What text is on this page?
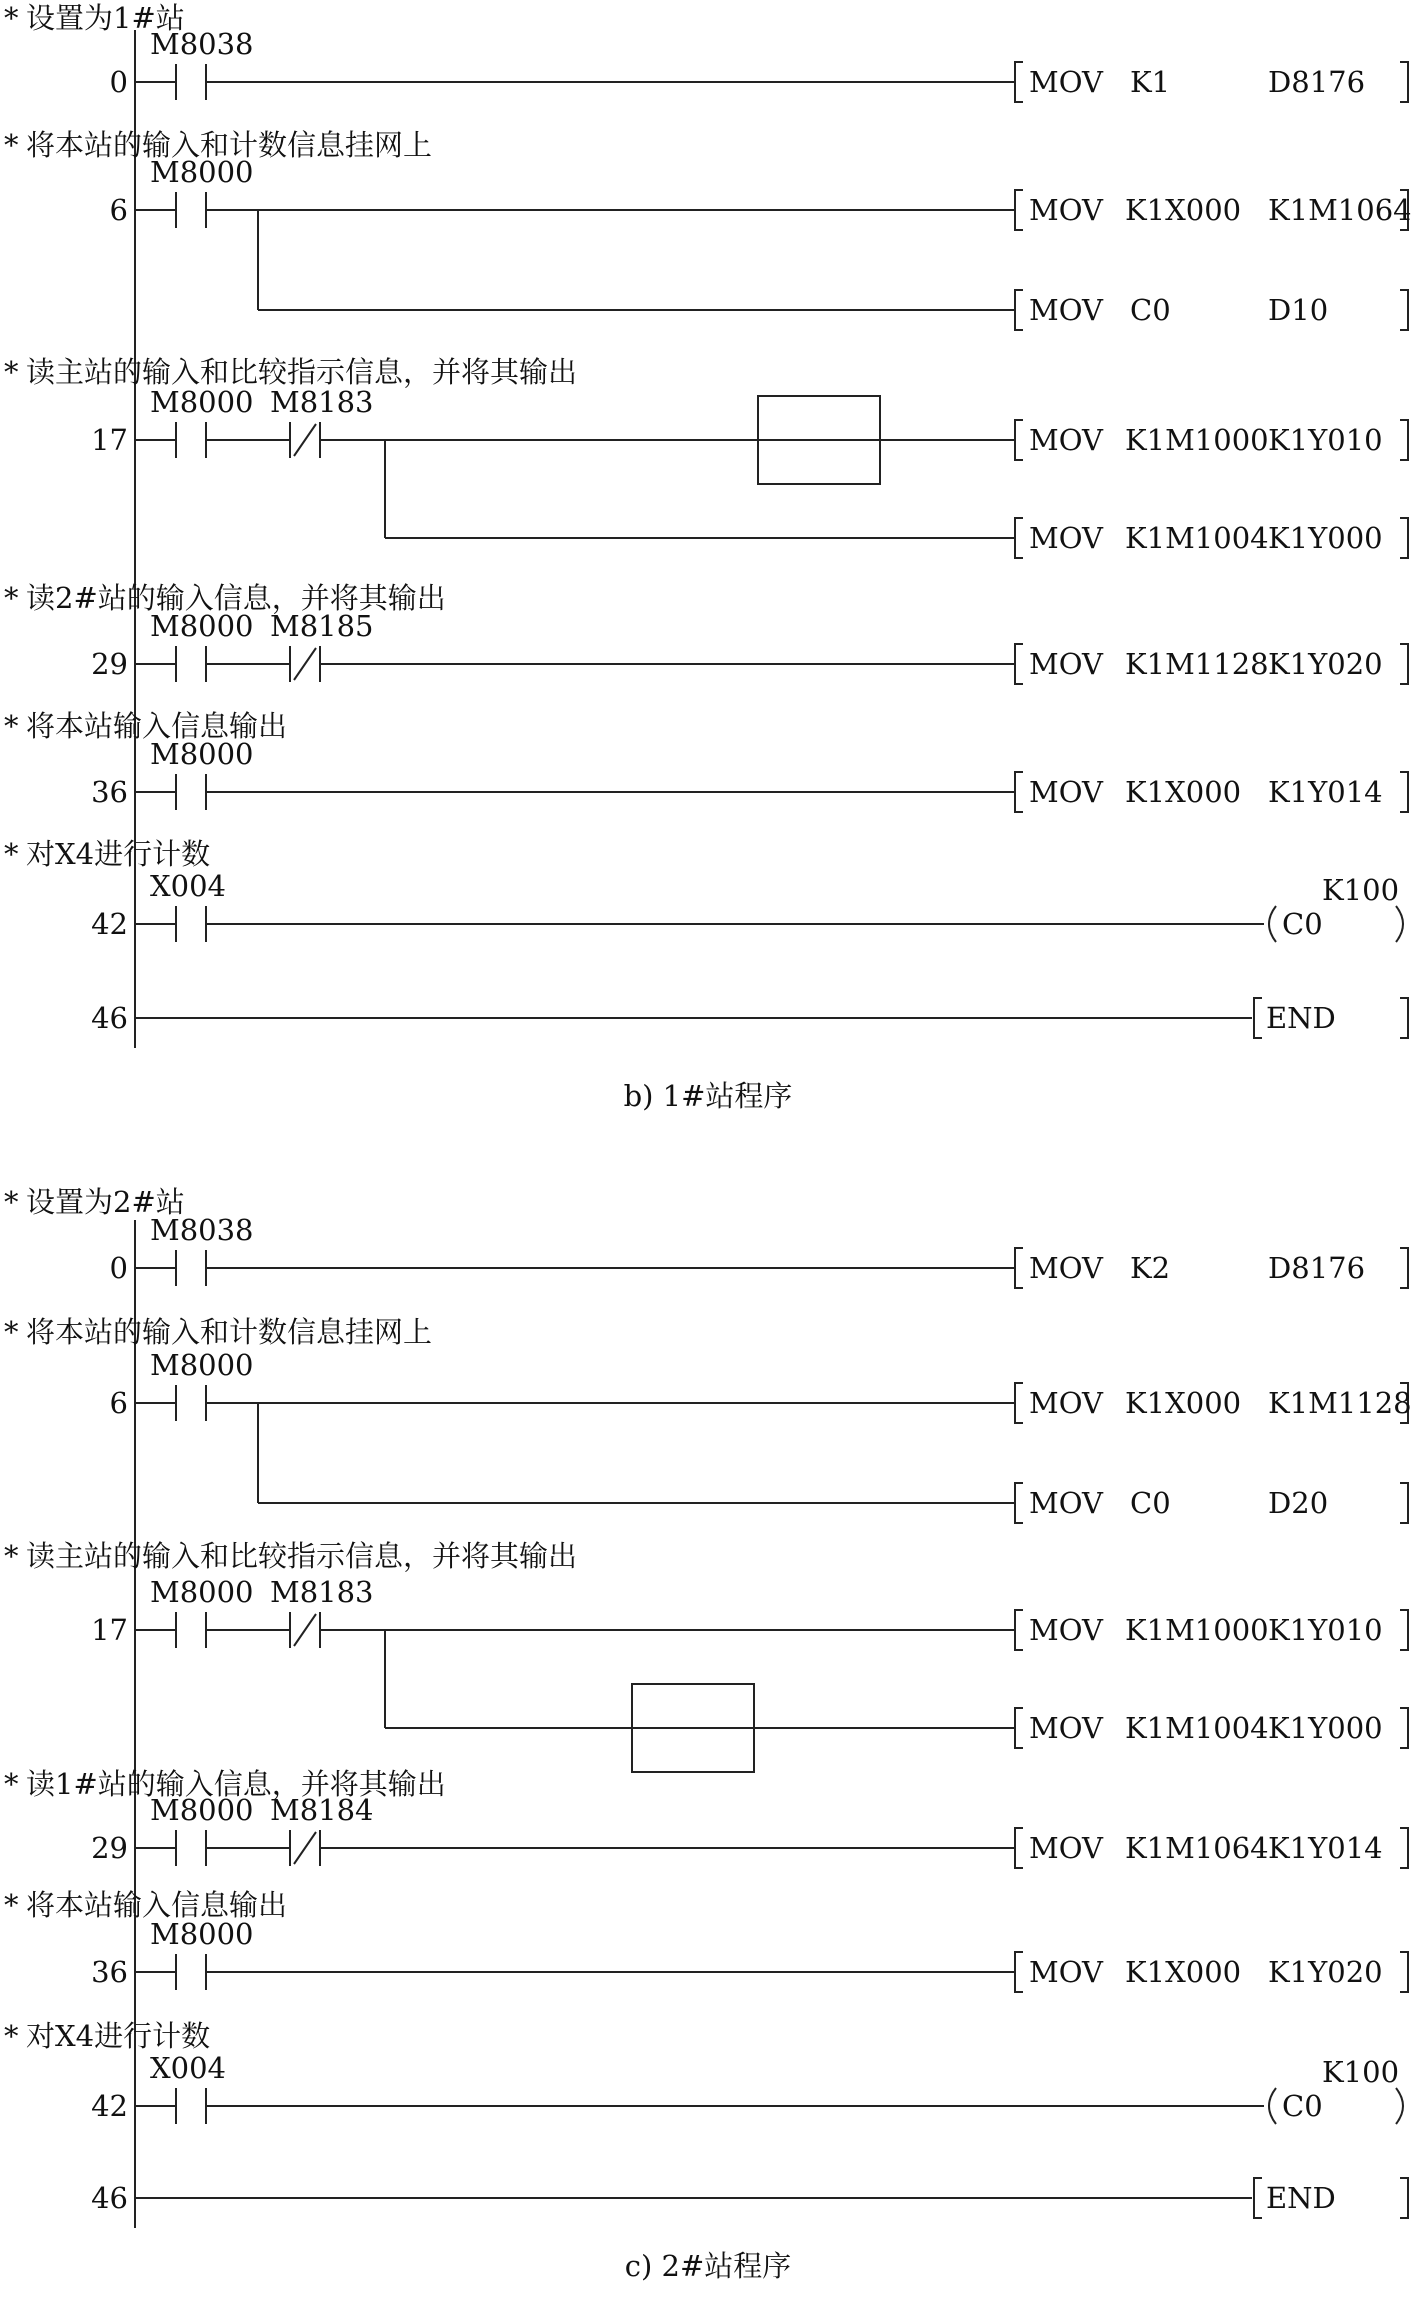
* 设置为1#站
0
M8038
MOV K1	D8176
* 将本站的输入和计数信息挂网上
6
M8000
MOV K1X000 K1M1064
MOV C0	D10
* 读主站的输入和比较指示信息，并将其输出
17
M8000 M8183
MOV K1M1000 K1Y010
MOV K1M1004 K1Y000
* 读2#站的输入信息，并将其输出
29
M8000 M8185
MOV K1M1128 K1Y020
* 将本站输入信息输出
36
M8000
MOV K1X000 K1Y014
* 对X4进行计数
42
X004
C0
K100
46	END
b) 1#站程序
* 设置为2#站
0
M8038
MOV K2	D8176
* 将本站的输入和计数信息挂网上
6
M8000
MOV K1X000 K1M1128
MOV C0	D20
* 读主站的输入和比较指示信息，并将其输出
17
M8000 M8183
MOV K1M1000 K1Y010
MOV K1M1004 K1Y000
* 读1#站的输入信息，并将其输出
29
M8000 M8184
MOV K1M1064 K1Y014
* 将本站输入信息输出
36
M8000
MOV K1X000 K1Y020
* 对X4进行计数
42
X004
C0
K100
46	END
c) 2#站程序
